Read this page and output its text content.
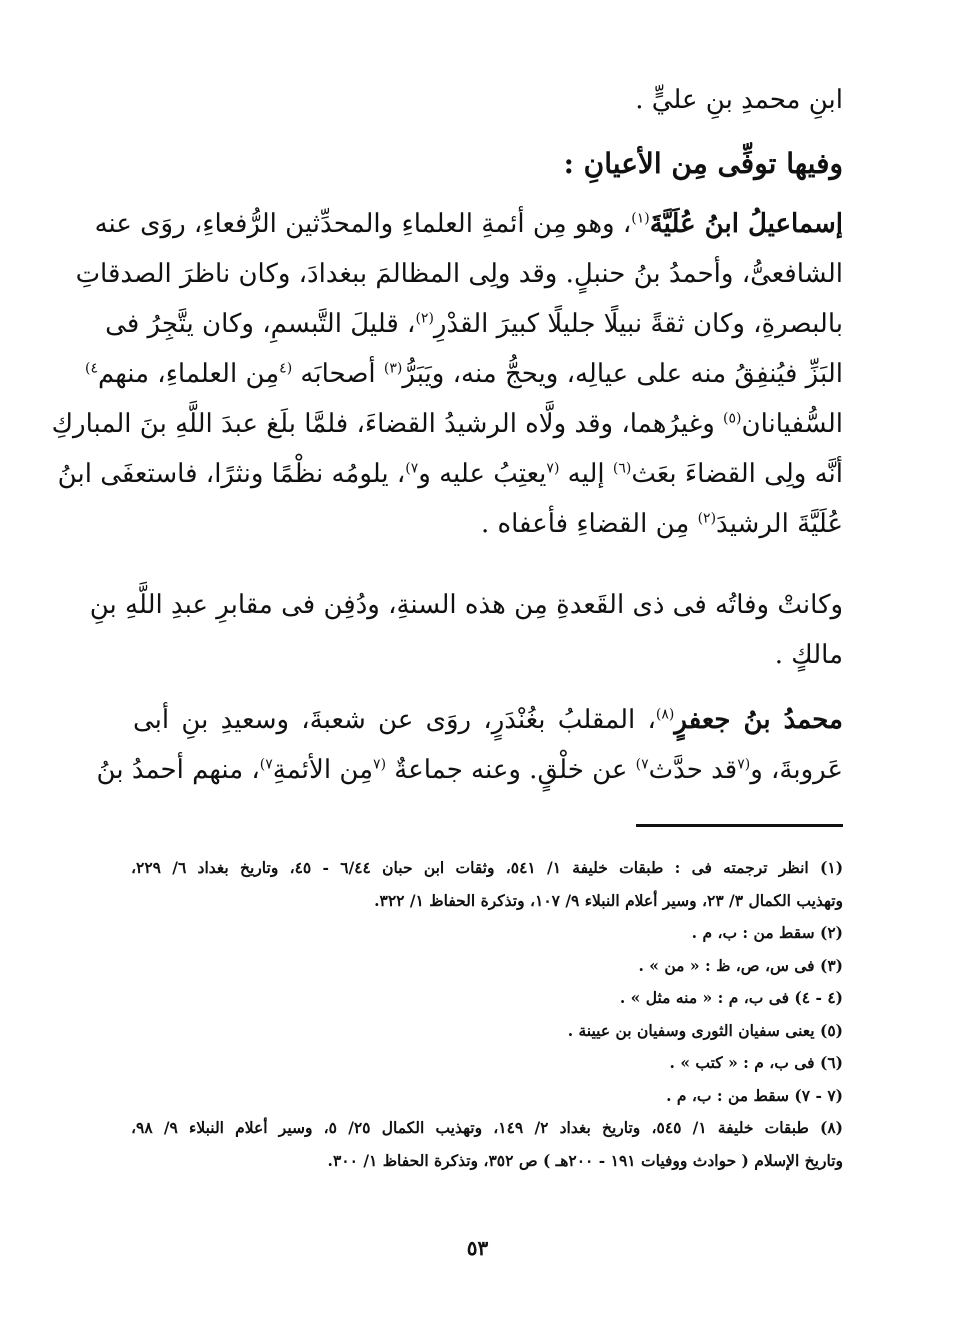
ابنِ محمدِ بنِ عليٍّ .
وفيها توفِّى مِن الأعيانِ :
إسماعيلُ ابنُ عُلَيَّةَ$^{(١)}$، وهو مِن أئمةِ العلماءِ والمحدِّثين الرُّفعاءِ، روَى عنه
الشافعىُّ، وأحمدُ بنُ حنبلٍ. وقد ولِى المظالمَ ببغدادَ، وكان ناظرَ الصدقاتِ
بالبصرةِ، وكان ثقةً نبيلًا جليلًا كبيرَ القدْرِ$^{(٢)}$، قليلَ التَّبسمِ، وكان يتَّجِرُ فى
البَزِّ فيُنفِقُ منه على عيالِه، ويحجُّ منه، ويَبَرُّ$^{(٣)}$ أصحابَه $^{(٤}$مِن العلماءِ، منهم$^{٤)}$
السُّفيانان$^{(٥)}$ وغيرُهما، وقد ولَّاه الرشيدُ القضاءَ، فلمَّا بلَغ عبدَ اللَّهِ بنَ المباركِ
أنَّه ولِى القضاءَ بعَث$^{(٦)}$ إليه $^{(٧}$يعتِبُ عليه و$^{٧)}$، يلومُه نظْمًا ونثرًا، فاستعفَى ابنُ
عُلَيَّةَ الرشيدَ$^{(٢)}$ مِن القضاءِ فأعفاه .
وكانتْ وفاتُه فى ذى القَعدةِ مِن هذه السنةِ، ودُفِن فى مقابرِ عبدِ اللَّهِ بنِ
مالكٍ .
محمدُ بنُ جعفرٍ$^{(٨)}$، المقلبُ بغُنْدَرٍ، روَى عن شعبةَ، وسعيدِ بنِ أبى
عَروبةَ، و$^{(٧}$قد حدَّث$^{٧)}$ عن خلْقٍ. وعنه جماعةٌ $^{(٧}$مِن الأئمةِ$^{٧)}$، منهم أحمدُ بنُ
(١) انظر ترجمته فى : طبقات خليفة ١/ ٥٤١، وثقات ابن حبان ٦/٤٤ - ٤٥، وتاريخ بغداد ٦/ ٢٢٩،
وتهذيب الكمال ٣/ ٢٣، وسير أعلام النبلاء ٩/ ١٠٧، وتذكرة الحفاظ ١/ ٣٢٢.
(٢) سقط من : ب، م .
(٣) فى س، ص، ظ : « من » .
(٤ - ٤) فى ب، م : « منه مثل » .
(٥) يعنى سفيان الثورى وسفيان بن عيينة .
(٦) فى ب، م : « كتب » .
(٧ - ٧) سقط من : ب، م .
(٨) طبقات خليفة ١/ ٥٤٥، وتاريخ بغداد ٢/ ١٤٩، وتهذيب الكمال ٢٥/ ٥، وسير أعلام النبلاء ٩/ ٩٨،
وتاريخ الإسلام ( حوادث ووفيات ١٩١ - ٢٠٠هـ ) ص ٣٥٢، وتذكرة الحفاظ ١/ ٣٠٠.
٥٣
